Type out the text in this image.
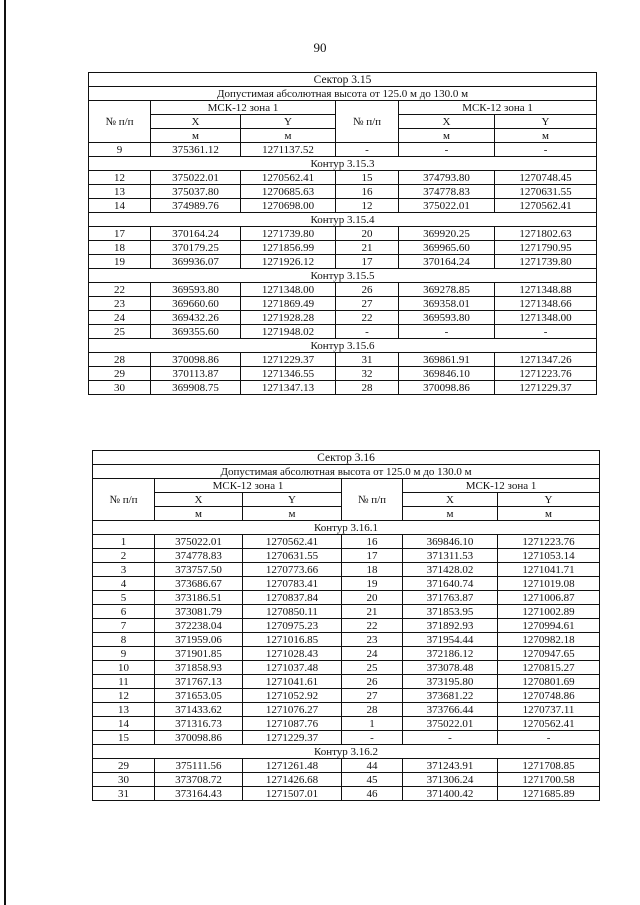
90
Сектор 3.15					
Допустимая абсолютная высота от 125.0 м до 130.0 м					
№ п/п	МСК-12 зона 1		№ п/п	МСК-12 зона 1	
	X	Y		X	Y
	м	м		м	м
9	375361.12	1271137.52	-	-	-
Контур 3.15.3					
12	375022.01	1270562.41	15	374793.80	1270748.45
13	375037.80	1270685.63	16	374778.83	1270631.55
14	374989.76	1270698.00	12	375022.01	1270562.41
Контур 3.15.4					
17	370164.24	1271739.80	20	369920.25	1271802.63
18	370179.25	1271856.99	21	369965.60	1271790.95
19	369936.07	1271926.12	17	370164.24	1271739.80
Контур 3.15.5					
22	369593.80	1271348.00	26	369278.85	1271348.88
23	369660.60	1271869.49	27	369358.01	1271348.66
24	369432.26	1271928.28	22	369593.80	1271348.00
25	369355.60	1271948.02	-	-	-
Контур 3.15.6					
28	370098.86	1271229.37	31	369861.91	1271347.26
29	370113.87	1271346.55	32	369846.10	1271223.76
30	369908.75	1271347.13	28	370098.86	1271229.37
Сектор 3.16					
Допустимая абсолютная высота от 125.0 м до 130.0 м					
№ п/п	МСК-12 зона 1		№ п/п	МСК-12 зона 1	
	X	Y		X	Y
	м	м		м	м
Контур 3.16.1					
1	375022.01	1270562.41	16	369846.10	1271223.76
2	374778.83	1270631.55	17	371311.53	1271053.14
3	373757.50	1270773.66	18	371428.02	1271041.71
4	373686.67	1270783.41	19	371640.74	1271019.08
5	373186.51	1270837.84	20	371763.87	1271006.87
6	373081.79	1270850.11	21	371853.95	1271002.89
7	372238.04	1270975.23	22	371892.93	1270994.61
8	371959.06	1271016.85	23	371954.44	1270982.18
9	371901.85	1271028.43	24	372186.12	1270947.65
10	371858.93	1271037.48	25	373078.48	1270815.27
11	371767.13	1271041.61	26	373195.80	1270801.69
12	371653.05	1271052.92	27	373681.22	1270748.86
13	371433.62	1271076.27	28	373766.44	1270737.11
14	371316.73	1271087.76	1	375022.01	1270562.41
15	370098.86	1271229.37	-	-	-
Контур 3.16.2					
29	375111.56	1271261.48	44	371243.91	1271708.85
30	373708.72	1271426.68	45	371306.24	1271700.58
31	373164.43	1271507.01	46	371400.42	1271685.89
